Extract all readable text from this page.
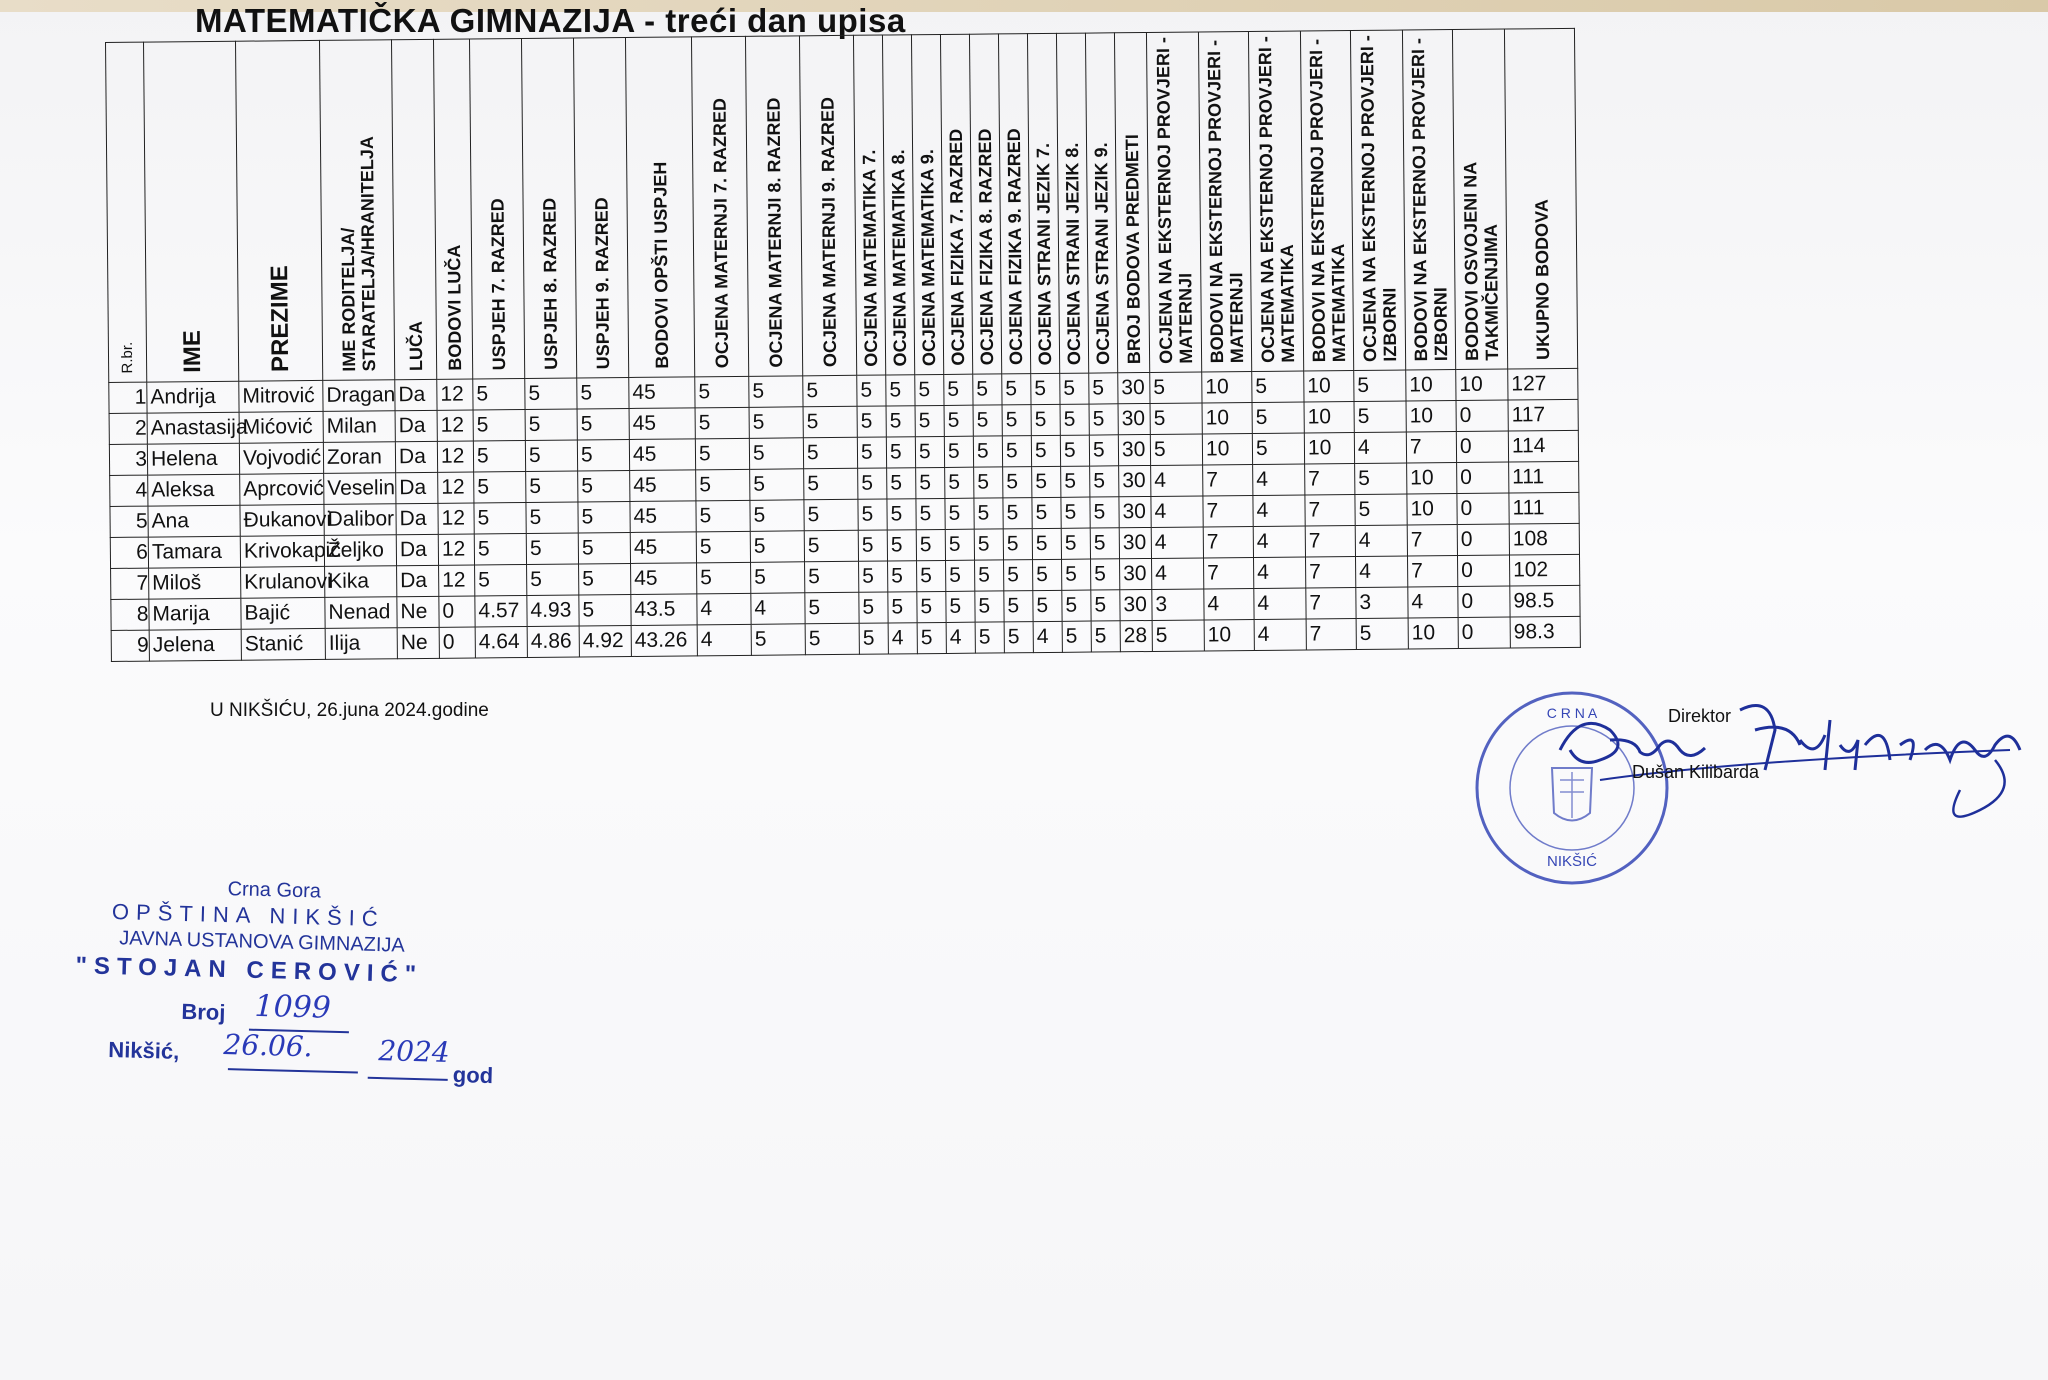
MATEMATIČKA GIMNAZIJA - treći dan upisa
R.br.	IME	PREZIME	IME RODITELJA/ STARATELJA/HRANITELJA	LUČA	BODOVI LUČA	USPJEH 7. RAZRED	USPJEH 8. RAZRED	USPJEH 9. RAZRED	BODOVI OPŠTI USPJEH	OCJENA MATERNJI 7. RAZRED	OCJENA MATERNJI 8. RAZRED	OCJENA MATERNJI 9. RAZRED	OCJENA MATEMATIKA 7.	OCJENA MATEMATIKA 8.	OCJENA MATEMATIKA 9.	OCJENA FIZIKA 7. RAZRED	OCJENA FIZIKA 8. RAZRED	OCJENA FIZIKA 9. RAZRED	OCJENA STRANI JEZIK 7.	OCJENA STRANI JEZIK 8.	OCJENA STRANI JEZIK 9.	BROJ BODOVA PREDMETI	OCJENA NA EKSTERNOJ PROVJERI - MATERNJI	BODOVI NA EKSTERNOJ PROVJERI - MATERNJI	OCJENA NA EKSTERNOJ PROVJERI - MATEMATIKA	BODOVI NA EKSTERNOJ PROVJERI - MATEMATIKA	OCJENA NA EKSTERNOJ PROVJERI - IZBORNI	BODOVI NA EKSTERNOJ PROVJERI - IZBORNI	BODOVI OSVOJENI NA TAKMIČENJIMA	UKUPNO BODOVA
1	Andrija	Mitrović	Dragan	Da	12	5	5	5	45	5	5	5	5	5	5	5	5	5	5	5	5	30	5	10	5	10	5	10	10	127
2	Anastasija	Mićović	Milan	Da	12	5	5	5	45	5	5	5	5	5	5	5	5	5	5	5	5	30	5	10	5	10	5	10	0	117
3	Helena	Vojvodić	Zoran	Da	12	5	5	5	45	5	5	5	5	5	5	5	5	5	5	5	5	30	5	10	5	10	4	7	0	114
4	Aleksa	Aprcović	Veselin	Da	12	5	5	5	45	5	5	5	5	5	5	5	5	5	5	5	5	30	4	7	4	7	5	10	0	111
5	Ana	Đukanovi	Dalibor	Da	12	5	5	5	45	5	5	5	5	5	5	5	5	5	5	5	5	30	4	7	4	7	5	10	0	111
6	Tamara	Krivokapić	Željko	Da	12	5	5	5	45	5	5	5	5	5	5	5	5	5	5	5	5	30	4	7	4	7	4	7	0	108
7	Miloš	Krulanovi	Kika	Da	12	5	5	5	45	5	5	5	5	5	5	5	5	5	5	5	5	30	4	7	4	7	4	7	0	102
8	Marija	Bajić	Nenad	Ne	0	4.57	4.93	5	43.5	4	4	5	5	5	5	5	5	5	5	5	5	30	3	4	4	7	3	4	0	98.5
9	Jelena	Stanić	Ilija	Ne	0	4.64	4.86	4.92	43.26	4	5	5	5	4	5	4	5	5	4	5	5	28	5	10	4	7	5	10	0	98.3
U NIKŠIĆU, 26.juna 2024.godine	C R N A
NIKŠIĆ
Direktor
Dušan Kilibarda
Crna Gora
OPŠTINA NIKŠIĆ
JAVNA USTANOVA GIMNAZIJA
"STOJAN CEROVIĆ"
Broj 1099
Nikšić, 26.06. 2024
god
